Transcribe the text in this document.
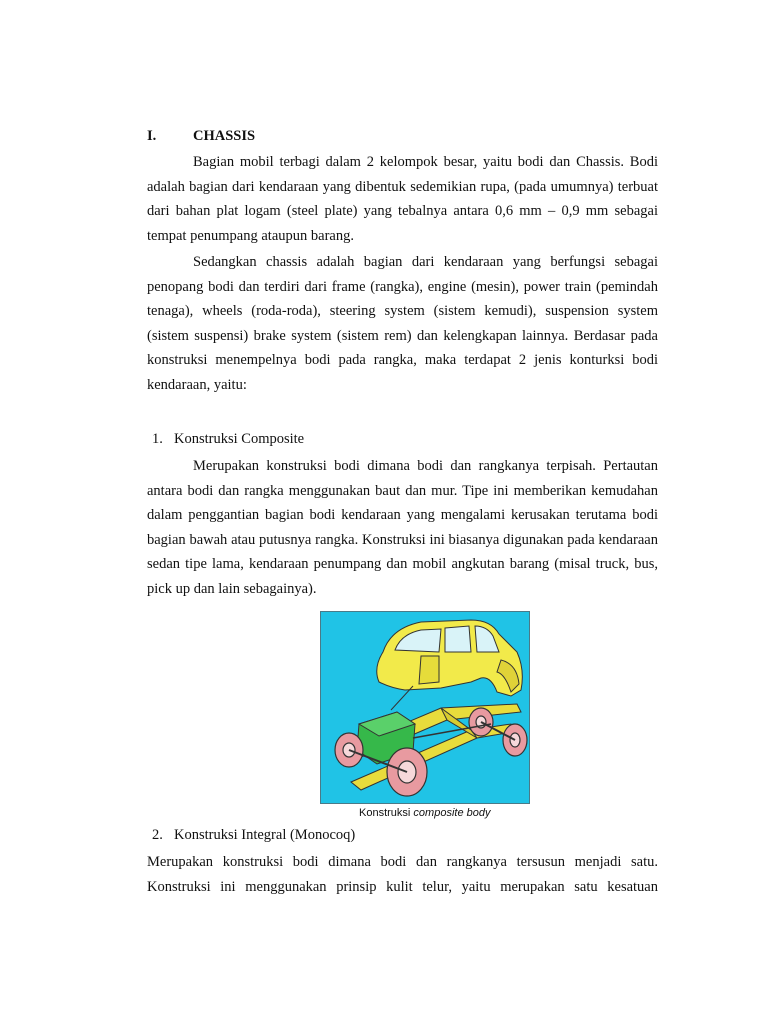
I.	CHASSIS

Bagian mobil terbagi dalam 2 kelompok besar, yaitu bodi dan Chassis. Bodi adalah bagian dari kendaraan yang dibentuk sedemikian rupa, (pada umumnya) terbuat dari bahan plat logam (steel plate) yang tebalnya antara 0,6 mm – 0,9 mm sebagai tempat penumpang ataupun barang.

Sedangkan chassis adalah bagian dari kendaraan yang berfungsi sebagai penopang bodi dan terdiri dari frame (rangka), engine (mesin), power train (pemindah tenaga), wheels (roda-roda), steering system (sistem kemudi), suspension system (sistem suspensi) brake system (sistem rem) dan kelengkapan lainnya. Berdasar pada konstruksi menempelnya bodi pada rangka, maka terdapat 2 jenis konturksi bodi kendaraan, yaitu:

1. Konstruksi Composite

Merupakan konstruksi bodi dimana bodi dan rangkanya terpisah. Pertautan antara bodi dan rangka menggunakan baut dan mur. Tipe ini memberikan kemudahan dalam penggantian bagian bodi kendaraan yang mengalami kerusakan terutama bodi bagian bawah atau putusnya rangka. Konstruksi ini biasanya digunakan pada kendaraan sedan tipe lama, kendaraan penumpang dan mobil angkutan barang (misal truck, bus, pick up dan lain sebagainya).

Konstruksi composite body
2. Konstruksi Integral (Monocoq)

Merupakan konstruksi bodi dimana bodi dan rangkanya tersusun menjadi satu. Konstruksi ini menggunakan prinsip kulit telur, yaitu merupakan satu kesatuan
